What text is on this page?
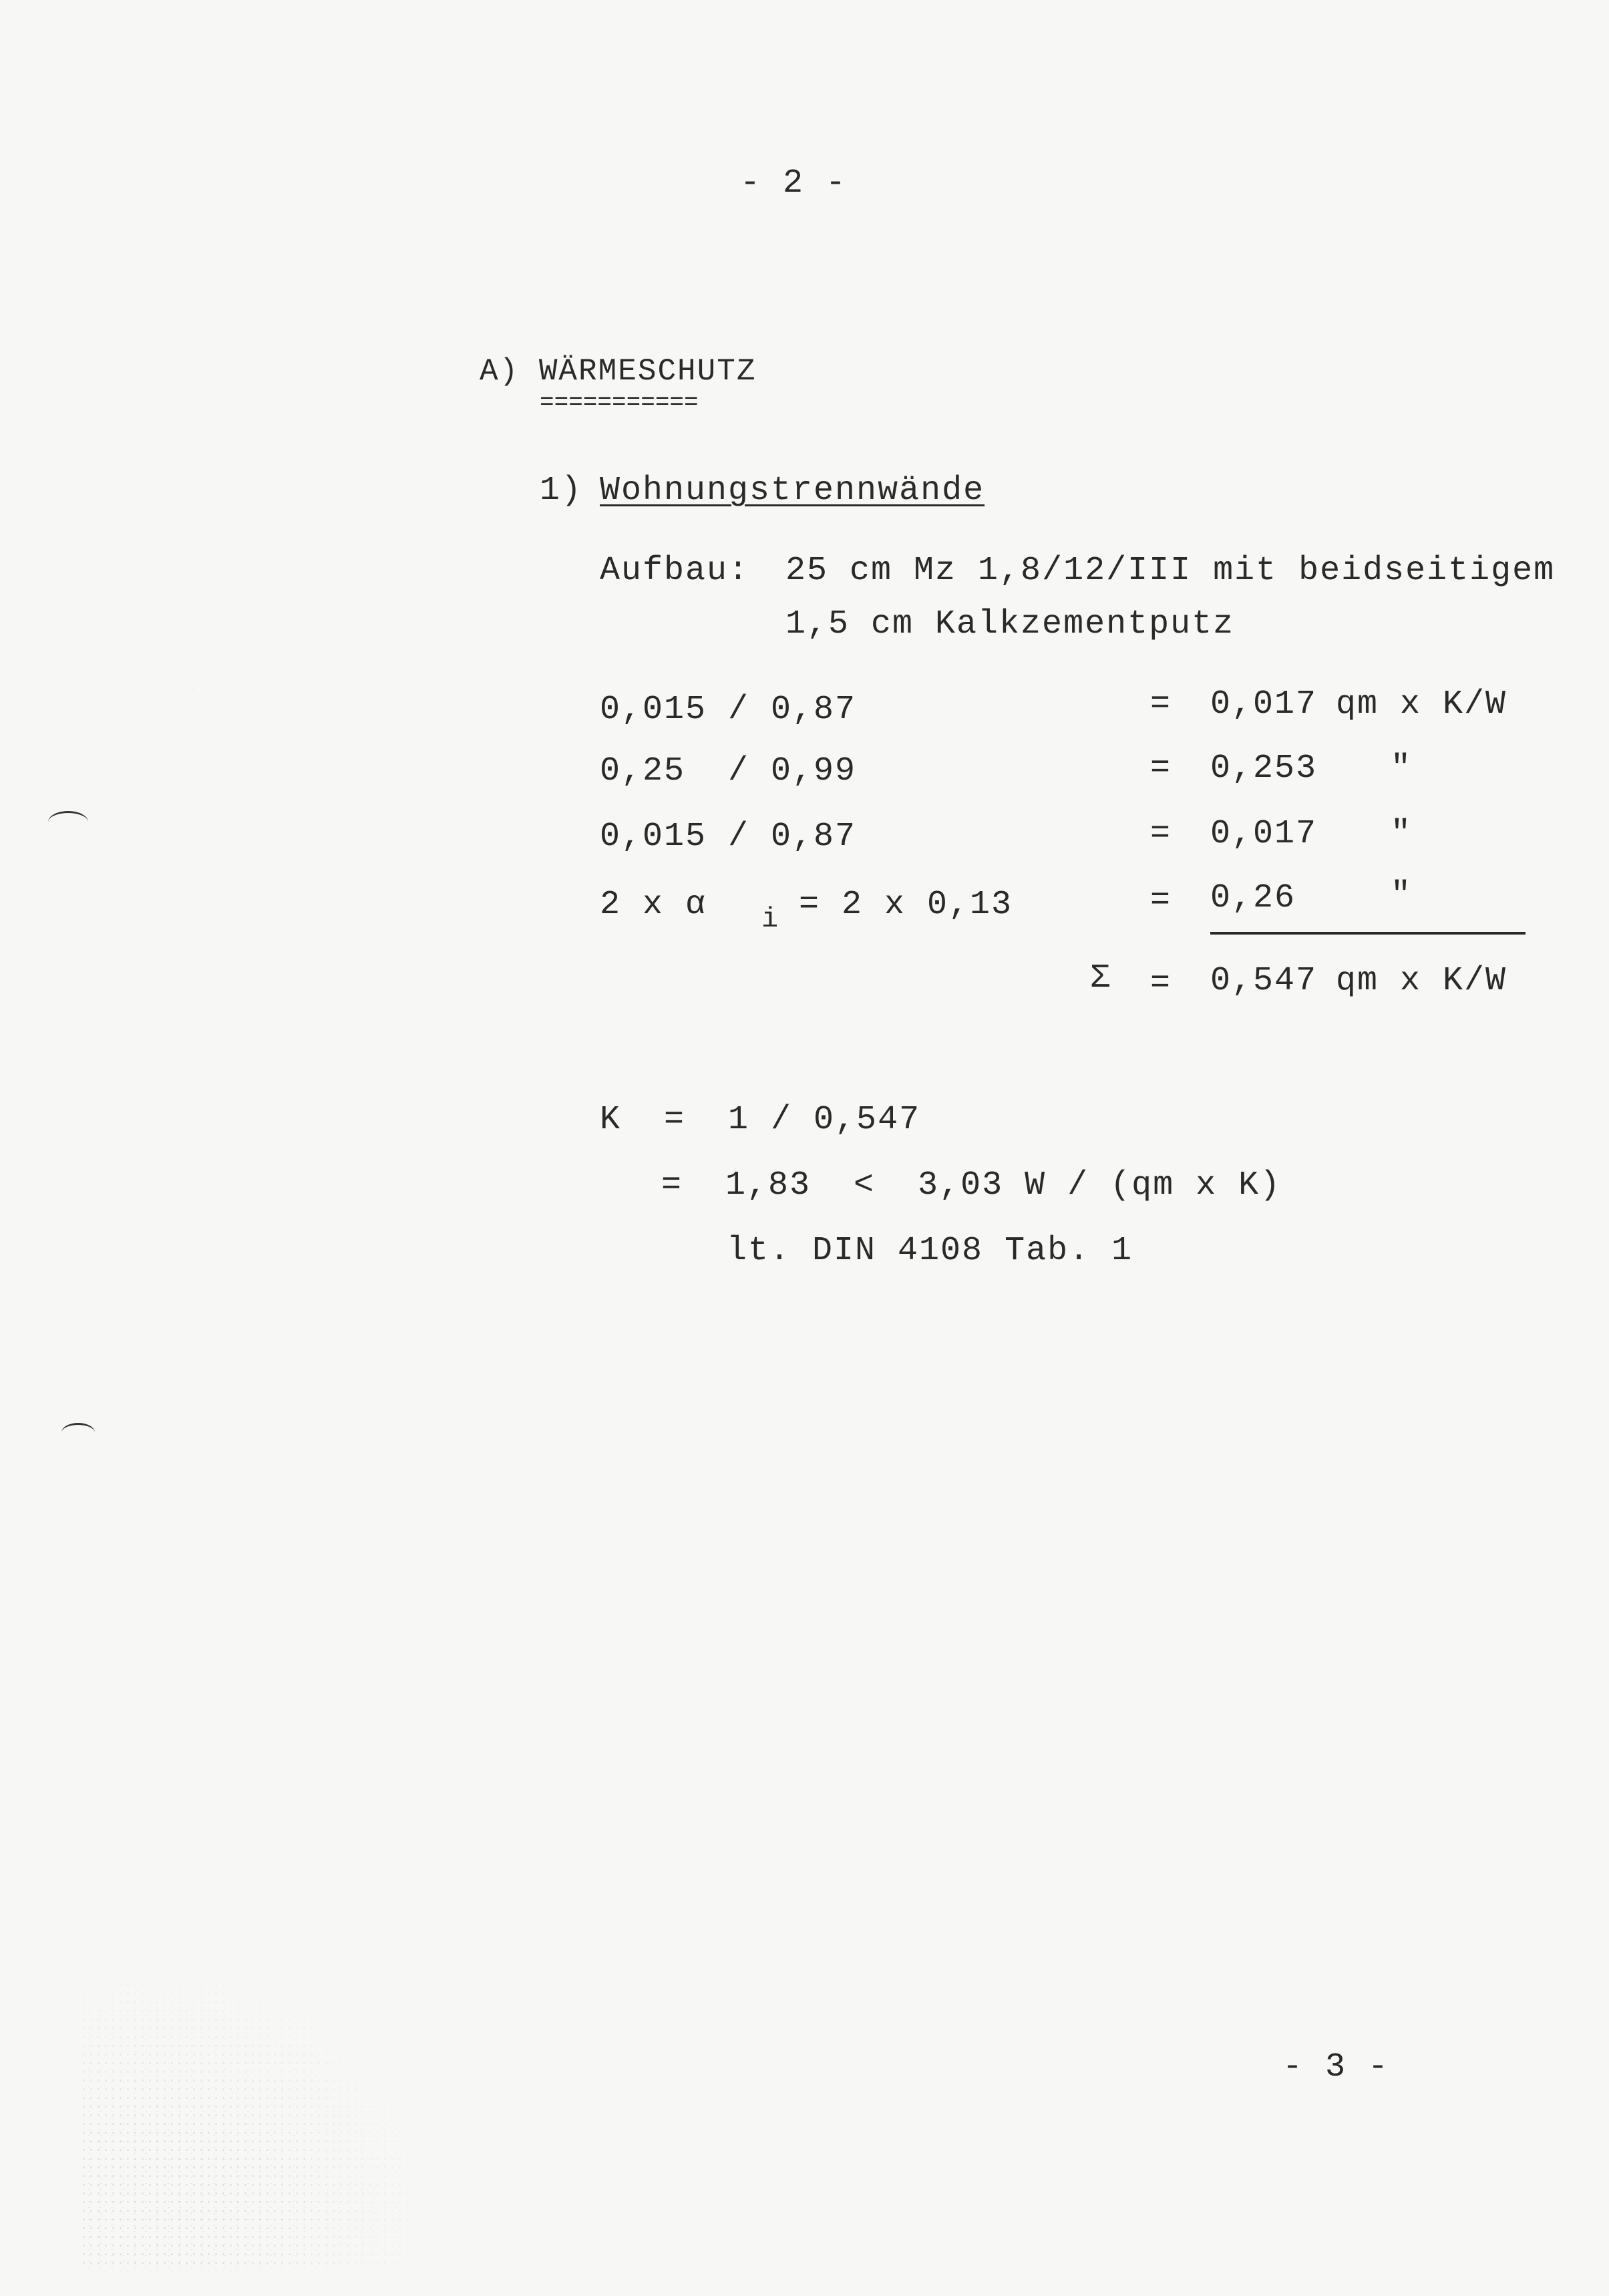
- 2 -
A) WÄRMESCHUTZ
===========
1) Wohnungstrennwände
Aufbau: 25 cm Mz 1,8/12/III mit beidseitigem
1,5 cm Kalkzementputz
0,015 / 0,87	= 0,017 qm x K/W
0,25  / 0,99	= 0,253 "
0,015 / 0,87	= 0,017 "
2 x α i = 2 x 0,13	= 0,26	"
Σ = 0,547 qm x K/W
K  =  1 / 0,547
=  1,83  <  3,03 W / (qm x K)
lt. DIN 4108 Tab. 1
- 3 -
